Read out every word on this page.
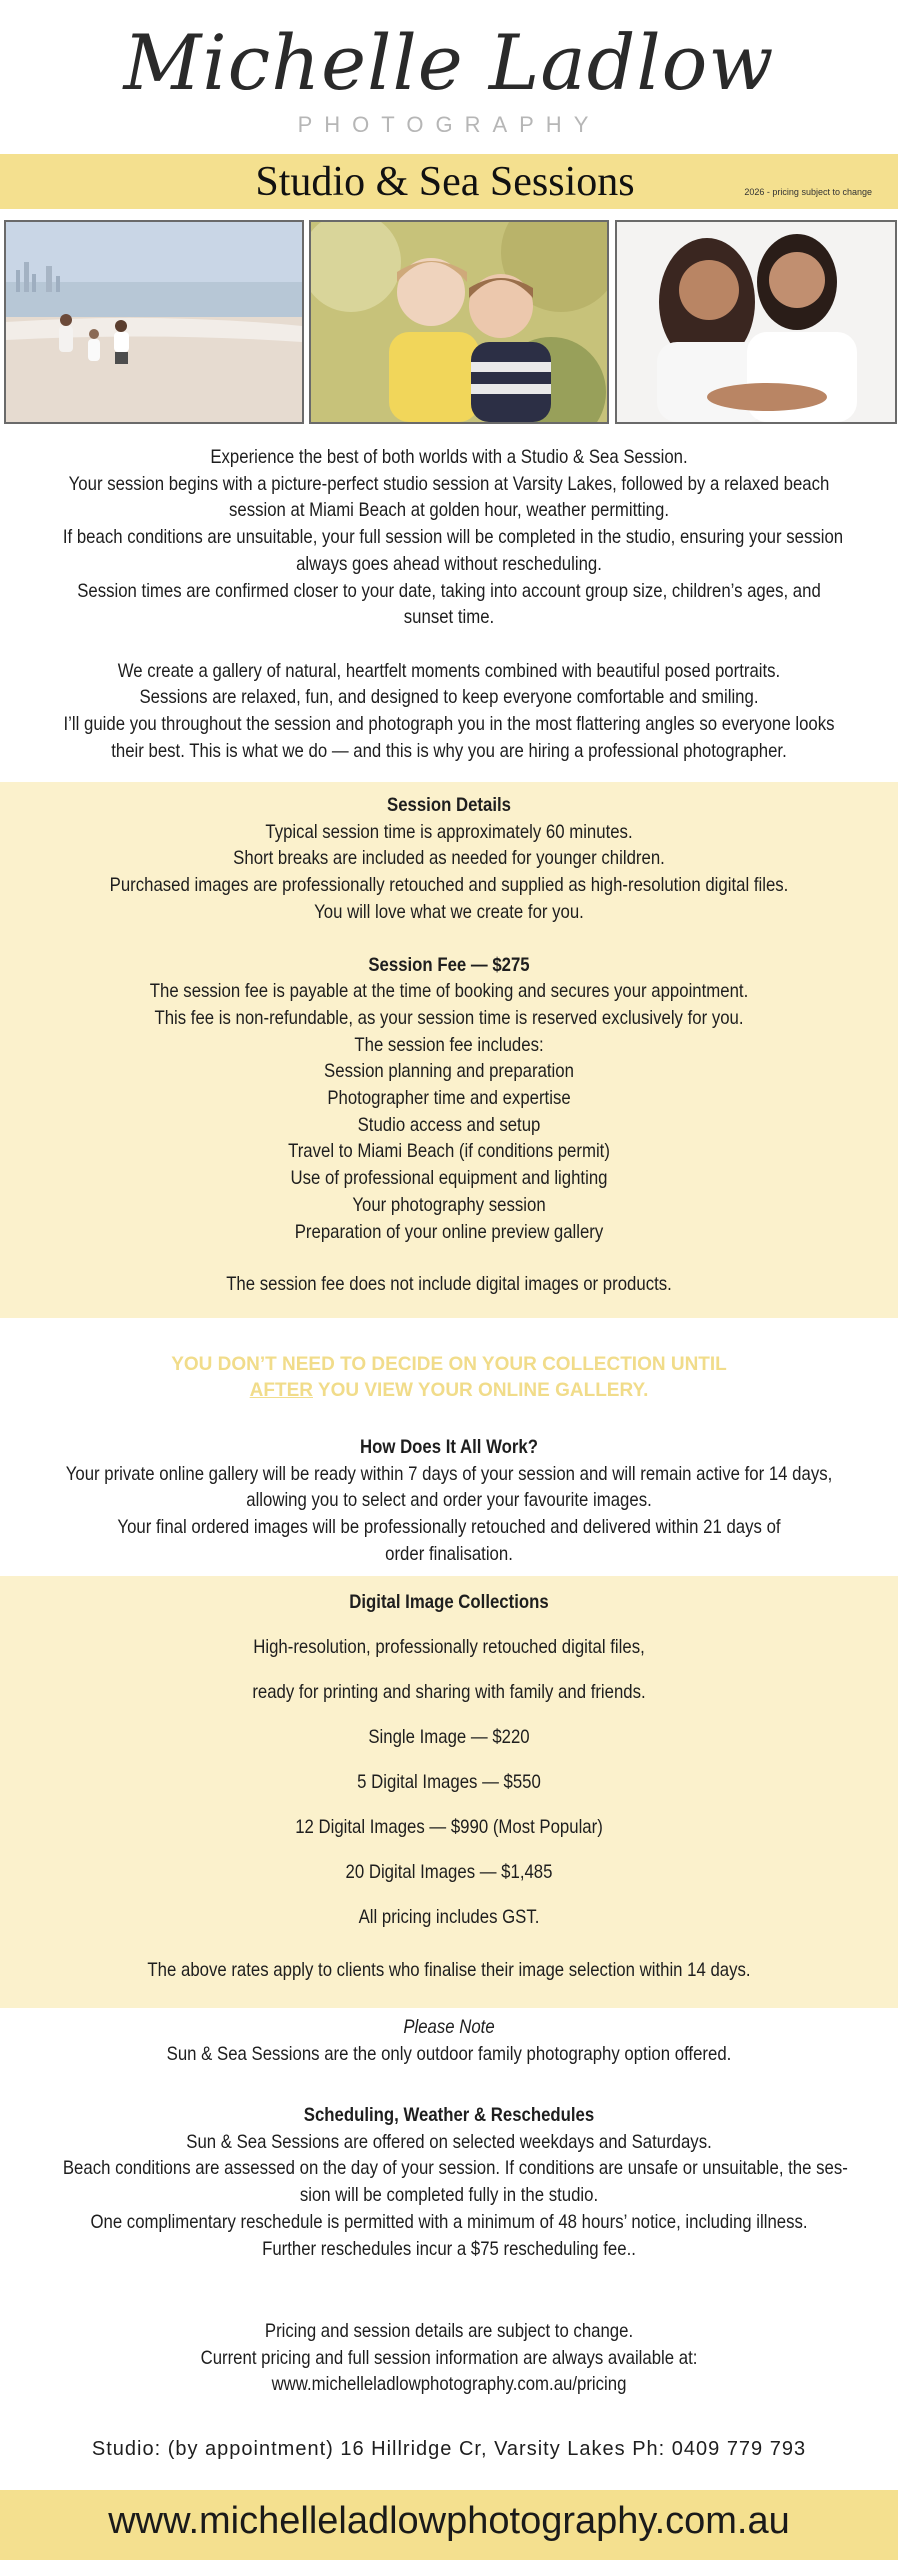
Michelle Ladlow
PHOTOGRAPHY
Studio & Sea Sessions	2026 - pricing subject to change
Experience the best of both worlds with a Studio & Sea Session.
Your session begins with a picture-perfect studio session at Varsity Lakes, followed by a relaxed beach
session at Miami Beach at golden hour, weather permitting.
If beach conditions are unsuitable, your full session will be completed in the studio, ensuring your session
always goes ahead without rescheduling.
Session times are confirmed closer to your date, taking into account group size, children’s ages, and
sunset time.

We create a gallery of natural, heartfelt moments combined with beautiful posed portraits.
Sessions are relaxed, fun, and designed to keep everyone comfortable and smiling.
I’ll guide you throughout the session and photograph you in the most flattering angles so everyone looks
their best. This is what we do — and this is why you are hiring a professional photographer.
Session Details
Typical session time is approximately 60 minutes.
Short breaks are included as needed for younger children.
Purchased images are professionally retouched and supplied as high-resolution digital files.
You will love what we create for you.
Session Fee — $275
The session fee is payable at the time of booking and secures your appointment.
This fee is non-refundable, as your session time is reserved exclusively for you.
The session fee includes:
Session planning and preparation
Photographer time and expertise
Studio access and setup
Travel to Miami Beach (if conditions permit)
Use of professional equipment and lighting
Your photography session
Preparation of your online preview gallery
The session fee does not include digital images or products.
YOU DON’T NEED TO DECIDE ON YOUR COLLECTION UNTIL
AFTER YOU VIEW YOUR ONLINE GALLERY.
How Does It All Work?
Your private online gallery will be ready within 7 days of your session and will remain active for 14 days,
allowing you to select and order your favourite images.
Your final ordered images will be professionally retouched and delivered within 21 days of
order finalisation.
Digital Image Collections
High-resolution, professionally retouched digital files,
ready for printing and sharing with family and friends.
Single Image — $220
5 Digital Images — $550
12 Digital Images — $990 (Most Popular)
20 Digital Images — $1,485
All pricing includes GST.
The above rates apply to clients who finalise their image selection within 14 days.
Please Note
Sun & Sea Sessions are the only outdoor family photography option offered.
Scheduling, Weather & Reschedules
Sun & Sea Sessions are offered on selected weekdays and Saturdays.
Beach conditions are assessed on the day of your session. If conditions are unsafe or unsuitable, the ses-
sion will be completed fully in the studio.
One complimentary reschedule is permitted with a minimum of 48 hours’ notice, including illness.
Further reschedules incur a $75 rescheduling fee..
Pricing and session details are subject to change.
Current pricing and full session information are always available at:
www.michelleladlowphotography.com.au/pricing
Studio: (by appointment) 16 Hillridge Cr, Varsity Lakes Ph: 0409 779 793
www.michelleladlowphotography.com.au
